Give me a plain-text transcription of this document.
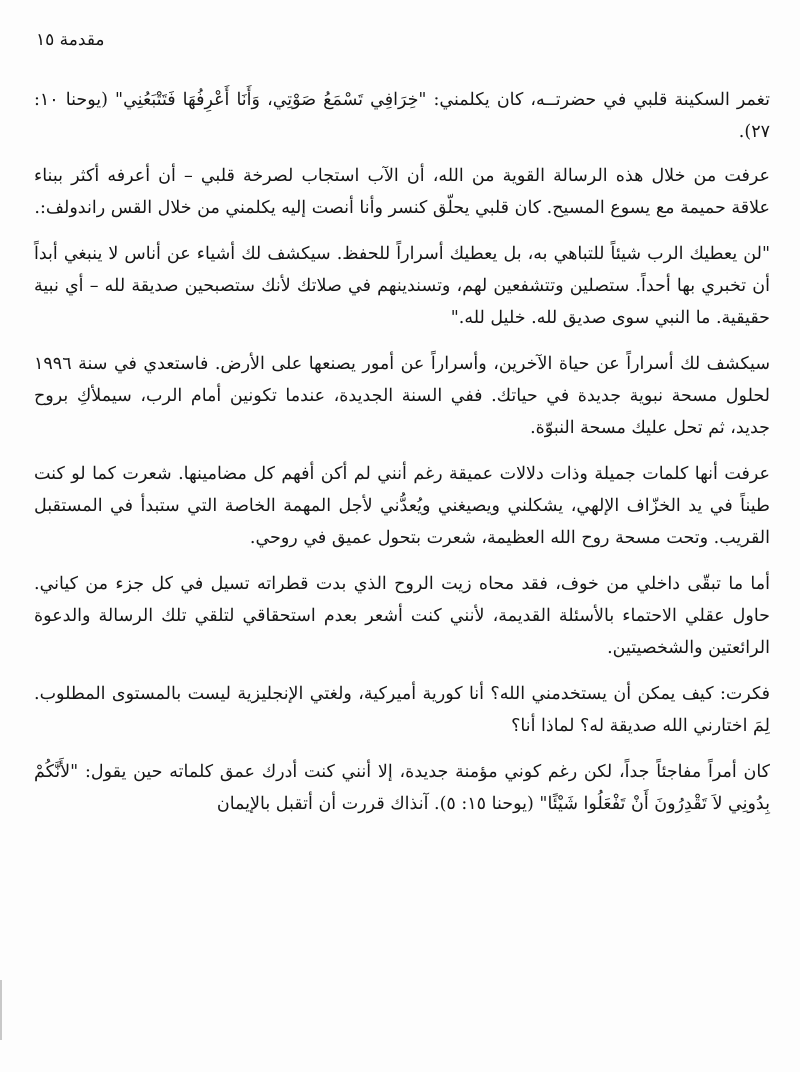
مقدمة ١٥

تغمر السكينة قلبي في حضرتــه، كان يكلمني: "خِرَافِي تَسْمَعُ صَوْتِي، وَأَنَا أَعْرِفُهَا فَتَتْبَعُنِي" (يوحنا ١٠: ٢٧).

عرفت من خلال هذه الرسالة القوية من الله، أن الآب استجاب لصرخة قلبي – أن أعرفه أكثر ببناء علاقة حميمة مع يسوع المسيح. كان قلبي يحلّق كنسر وأنا أنصت إليه يكلمني من خلال القس راندولف:.

"لن يعطيك الرب شيئاً للتباهي به، بل يعطيك أسراراً للحفظ. سيكشف لك أشياء عن أناس لا ينبغي أبداً أن تخبري بها أحداً. ستصلين وتتشفعين لهم، وتسندينهم في صلاتك لأنك ستصبحين صديقة لله – أي نبية حقيقية. ما النبي سوى صديق لله. خليل لله."

سيكشف لك أسراراً عن حياة الآخرين، وأسراراً عن أمور يصنعها على الأرض. فاستعدي في سنة ١٩٩٦ لحلول مسحة نبوية جديدة في حياتك. ففي السنة الجديدة، عندما تكونين أمام الرب، سيملأكِ بروح جديد، ثم تحل عليك مسحة النبوّة.

عرفت أنها كلمات جميلة وذات دلالات عميقة رغم أنني لم أكن أفهم كل مضامينها. شعرت كما لو كنت طيناً في يد الخزّاف الإلهي، يشكلني ويصيغني ويُعدُّني لأجل المهمة الخاصة التي ستبدأ في المستقبل القريب. وتحت مسحة روح الله العظيمة، شعرت بتحول عميق في روحي.

أما ما تبقّى داخلي من خوف، فقد محاه زيت الروح الذي بدت قطراته تسيل في كل جزء من كياني. حاول عقلي الاحتماء بالأسئلة القديمة، لأنني كنت أشعر بعدم استحقاقي لتلقي تلك الرسالة والدعوة الرائعتين والشخصيتين.

فكرت: كيف يمكن أن يستخدمني الله؟ أنا كورية أميركية، ولغتي الإنجليزية ليست بالمستوى المطلوب. لِمَ اختارني الله صديقة له؟ لماذا أنا؟

كان أمراً مفاجئاً جداً، لكن رغم كوني مؤمنة جديدة، إلا أنني كنت أدرك عمق كلماته حين يقول: "لأَنَّكُمْ بِدُونِي لاَ تَقْدِرُونَ أَنْ تَفْعَلُوا شَيْئًا" (يوحنا ١٥: ٥). آنذاك قررت أن أتقبل بالإيمان
